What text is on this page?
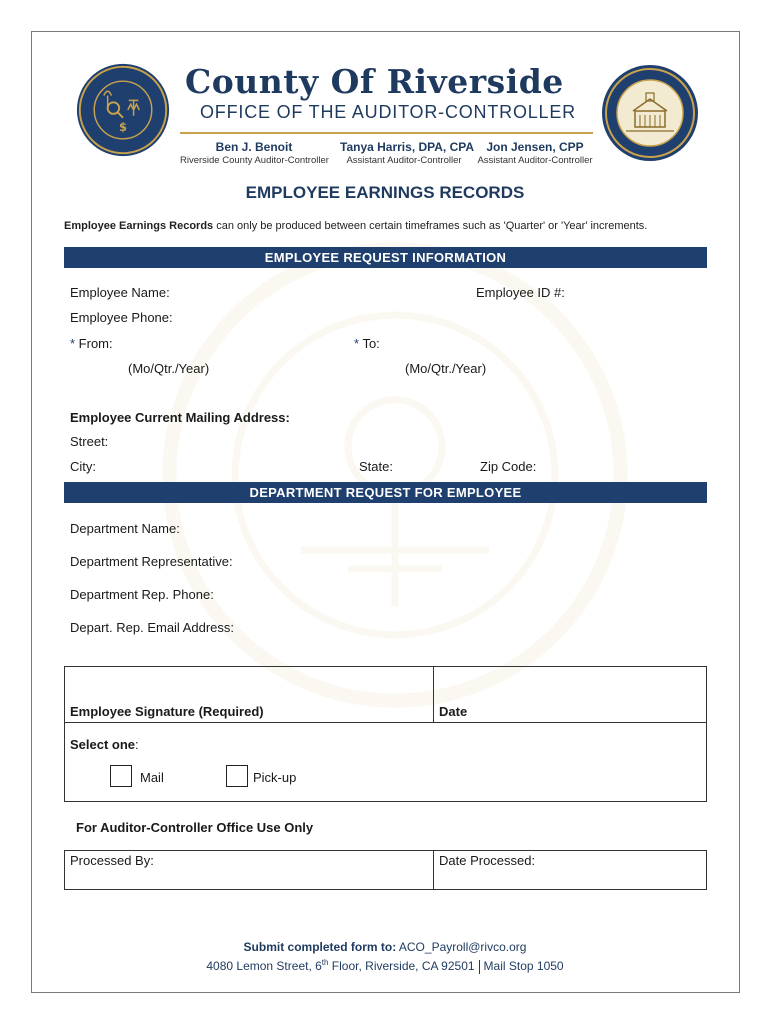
$
County Of Riverside
OFFICE OF THE AUDITOR-CONTROLLER
Ben J. Benoit
Riverside County Auditor-Controller
Tanya Harris, DPA, CPA
Assistant Auditor-Controller
Jon Jensen, CPP
Assistant Auditor-Controller
EMPLOYEE EARNINGS RECORDS
Employee Earnings Records can only be produced between certain timeframes such as 'Quarter' or 'Year' increments.
EMPLOYEE REQUEST INFORMATION
Employee Name:	Employee ID #:
Employee Phone:
* From:	* To:
(Mo/Qtr./Year)	(Mo/Qtr./Year)
Employee Current Mailing Address:
Street:
City:	State:	Zip Code:
DEPARTMENT REQUEST FOR EMPLOYEE
Department Name:
Department Representative:
Department Rep. Phone:
Depart. Rep. Email Address:
Employee Signature (Required)	Date
Select one:
Mail	Pick-up
For Auditor-Controller Office Use Only
Processed By:	Date Processed:
Submit completed form to: ACO_Payroll@rivco.org
4080 Lemon Street, 6th Floor, Riverside, CA 92501 Mail Stop 1050
